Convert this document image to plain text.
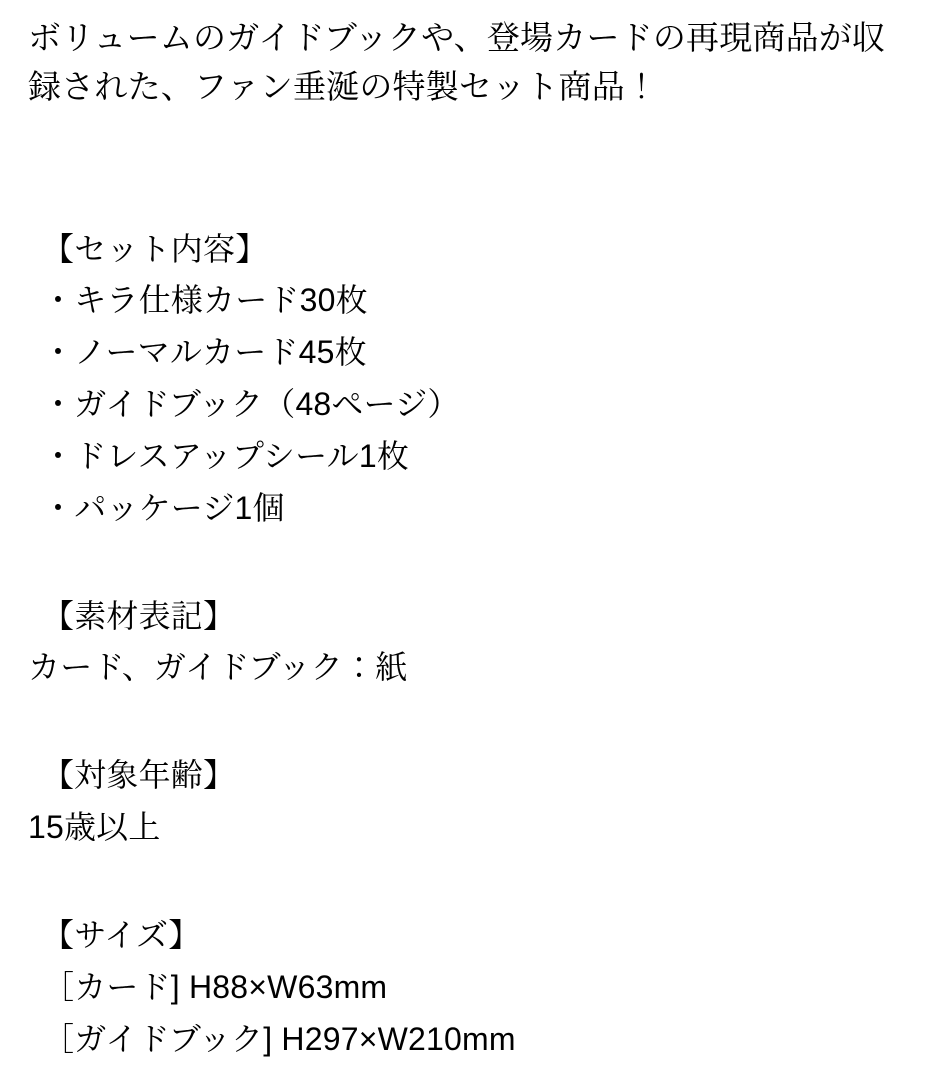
ボリュームのガイドブックや、登場カードの再現商品が収録された、ファン垂涎の特製セット商品！

【セット内容】

・キラ仕様カード30枚
・ノーマルカード45枚
・ガイドブック（48ページ）
・ドレスアップシール1枚
・パッケージ1個

【素材表記】

カード、ガイドブック：紙

【対象年齢】

15歳以上

【サイズ】

［カード] H88×W63mm

［ガイドブック] H297×W210mm
